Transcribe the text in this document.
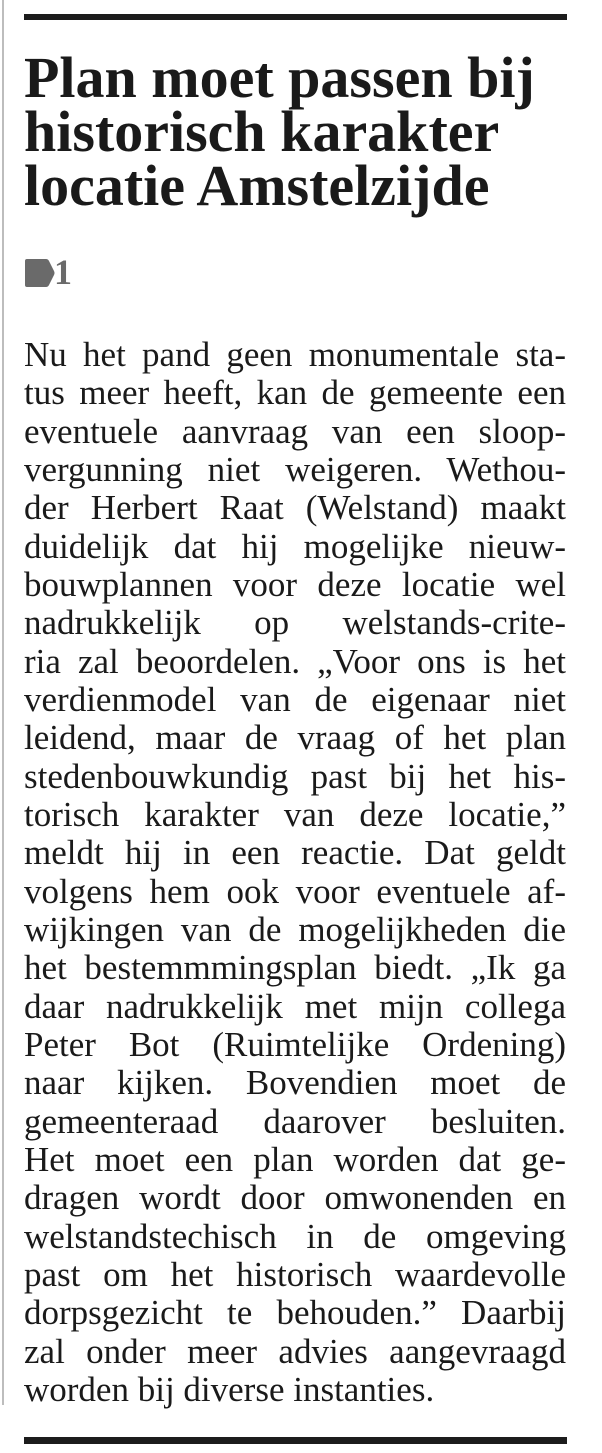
Plan moet passen bij
historisch karakter
locatie Amstelzijde
1
Nu het pand geen monumentale sta-
tus meer heeft, kan de gemeente een
eventuele aanvraag van een sloop-
vergunning niet weigeren. Wethou-
der Herbert Raat (Welstand) maakt
duidelijk dat hij mogelijke nieuw-
bouwplannen voor deze locatie wel
nadrukkelijk op welstands-crite-
ria zal beoordelen. „Voor ons is het
verdienmodel van de eigenaar niet
leidend, maar de vraag of het plan
stedenbouwkundig past bij het his-
torisch karakter van deze locatie,”
meldt hij in een reactie. Dat geldt
volgens hem ook voor eventuele af-
wijkingen van de mogelijkheden die
het bestemmmingsplan biedt. „Ik ga
daar nadrukkelijk met mijn collega
Peter Bot (Ruimtelijke Ordening)
naar kijken. Bovendien moet de
gemeenteraad daarover besluiten.
Het moet een plan worden dat ge-
dragen wordt door omwonenden en
welstandstechisch in de omgeving
past om het historisch waardevolle
dorpsgezicht te behouden.” Daarbij
zal onder meer advies aangevraagd
worden bij diverse instanties.
